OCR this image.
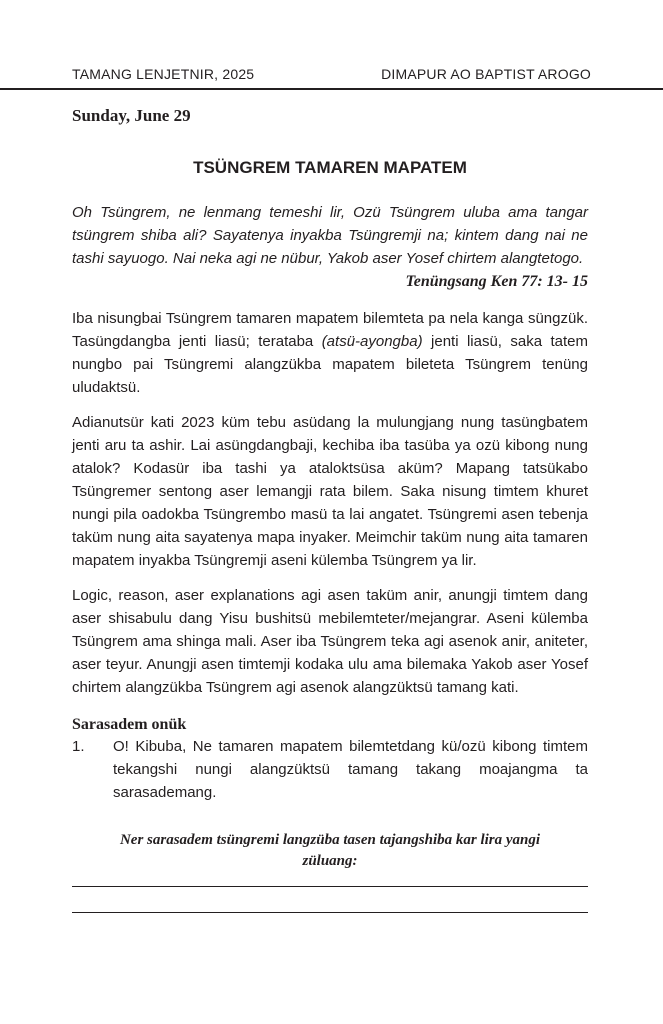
TAMANG LENJETNIR, 2025	DIMAPUR AO BAPTIST AROGO

Sunday, June 29

TSÜNGREM TAMAREN MAPATEM

Oh Tsüngrem, ne lenmang temeshi lir, Ozü Tsüngrem uluba ama tangar tsüngrem shiba ali? Sayatenya inyakba Tsüngremji na; kintem dang nai ne tashi sayuogo. Nai neka agi ne nübur, Yakob aser Yosef chirtem alangtetogo.

Tenüngsang Ken 77: 13- 15

Iba nisungbai Tsüngrem tamaren mapatem bilemteta pa nela kanga süngzük. Tasüngdangba jenti liasü; terataba (atsü-ayongba) jenti liasü, saka tatem nungbo pai Tsüngremi alangzükba mapatem bileteta Tsüngrem tenüng uludaktsü.

Adianutsür kati 2023 küm tebu asüdang la mulungjang nung tasüngbatem jenti aru ta ashir. Lai asüngdangbaji, kechiba iba tasüba ya ozü kibong nung atalok? Kodasür iba tashi ya ataloktsüsa aküm? Mapang tatsükabo Tsüngremer sentong aser lemangji rata bilem. Saka nisung timtem khuret nungi pila oadokba Tsüngrembo masü ta lai angatet. Tsüngremi asen tebenja taküm nung aita sayatenya mapa inyaker. Meimchir taküm nung aita tamaren mapatem inyakba Tsüngremji aseni külemba Tsüngrem ya lir.

Logic, reason, aser explanations agi asen taküm anir, anungji timtem dang aser shisabulu dang Yisu bushitsü mebilemteter/mejangrar. Aseni külemba Tsüngrem ama shinga mali. Aser iba Tsüngrem teka agi asenok anir, aniteter, aser teyur. Anungji asen timtemji kodaka ulu ama bilemaka Yakob aser Yosef chirtem alangzükba Tsüngrem agi asenok alangzüktsü tamang kati.

Sarasadem onük

1.	O! Kibuba, Ne tamaren mapatem bilemtetdang kü/ozü kibong timtem tekangshi nungi alangzüktsü tamang takang moajangma ta sarasademang.

Ner sarasadem tsüngremi langzüba tasen tajangshiba kar lira yangi züluang:
